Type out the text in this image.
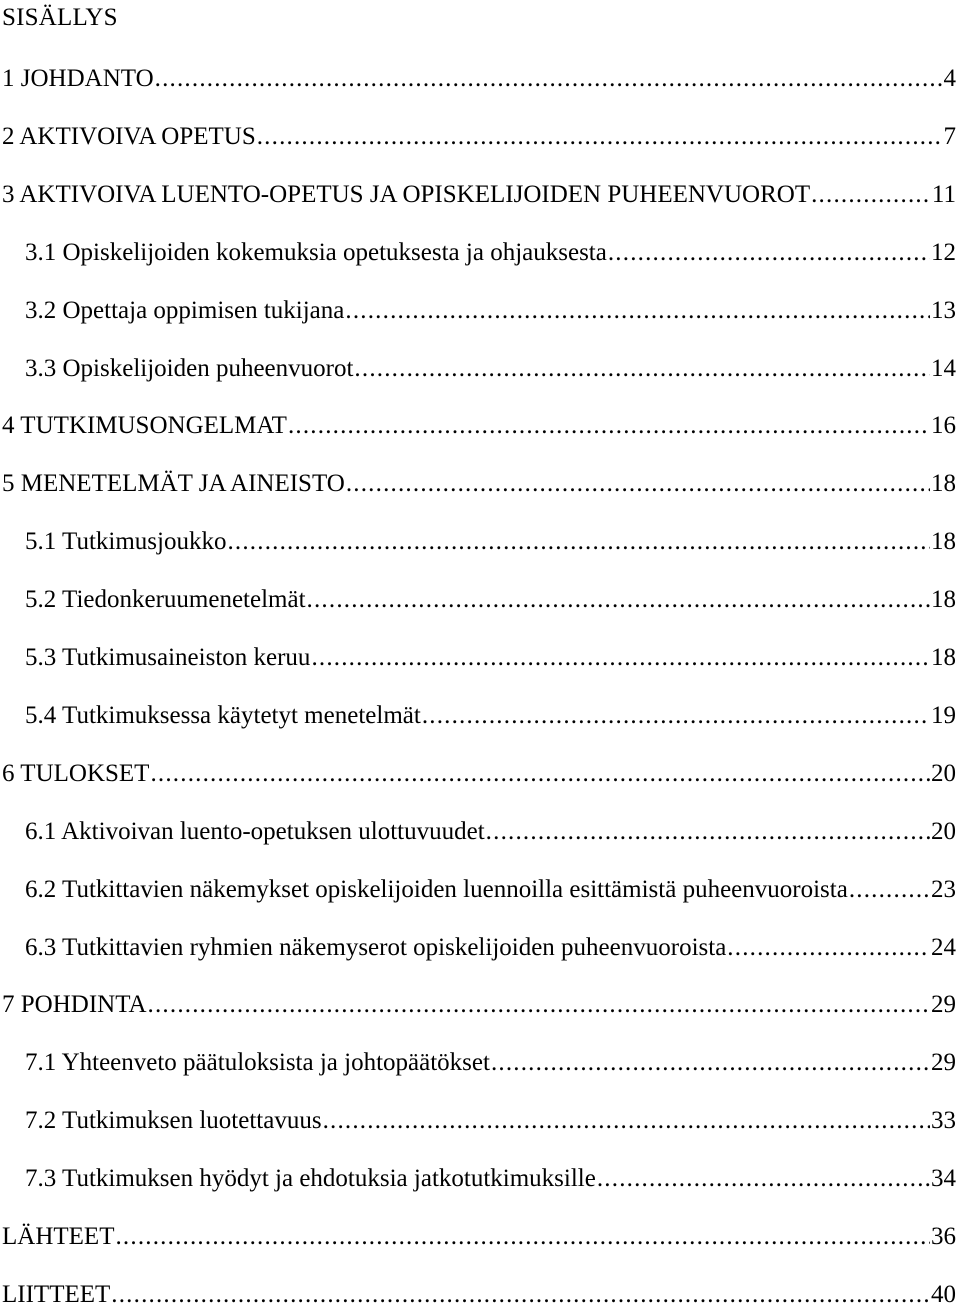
SISÄLLYS
1 JOHDANTO .....	4
2 AKTIVOIVA OPETUS .....	7
3 AKTIVOIVA LUENTO-OPETUS JA OPISKELIJOIDEN PUHEENVUOROT .....	11
3.1 Opiskelijoiden kokemuksia opetuksesta ja ohjauksesta .....	12
3.2 Opettaja oppimisen tukijana .....	13
3.3 Opiskelijoiden puheenvuorot .....	14
4 TUTKIMUSONGELMAT .....	16
5 MENETELMÄT JA AINEISTO .....	18
5.1 Tutkimusjoukko .....	18
5.2 Tiedonkeruumenetelmät .....	18
5.3 Tutkimusaineiston keruu .....	18
5.4 Tutkimuksessa käytetyt menetelmät .....	19
6 TULOKSET .....	20
6.1 Aktivoivan luento-opetuksen ulottuvuudet .....	20
6.2 Tutkittavien näkemykset opiskelijoiden luennoilla esittämistä puheenvuoroista .....	23
6.3 Tutkittavien ryhmien näkemyserot opiskelijoiden puheenvuoroista .....	24
7 POHDINTA .....	29
7.1 Yhteenveto päätuloksista ja johtopäätökset .....	29
7.2 Tutkimuksen luotettavuus .....	33
7.3 Tutkimuksen hyödyt ja ehdotuksia jatkotutkimuksille .....	34
LÄHTEET .....	36
LIITTEET .....	40
